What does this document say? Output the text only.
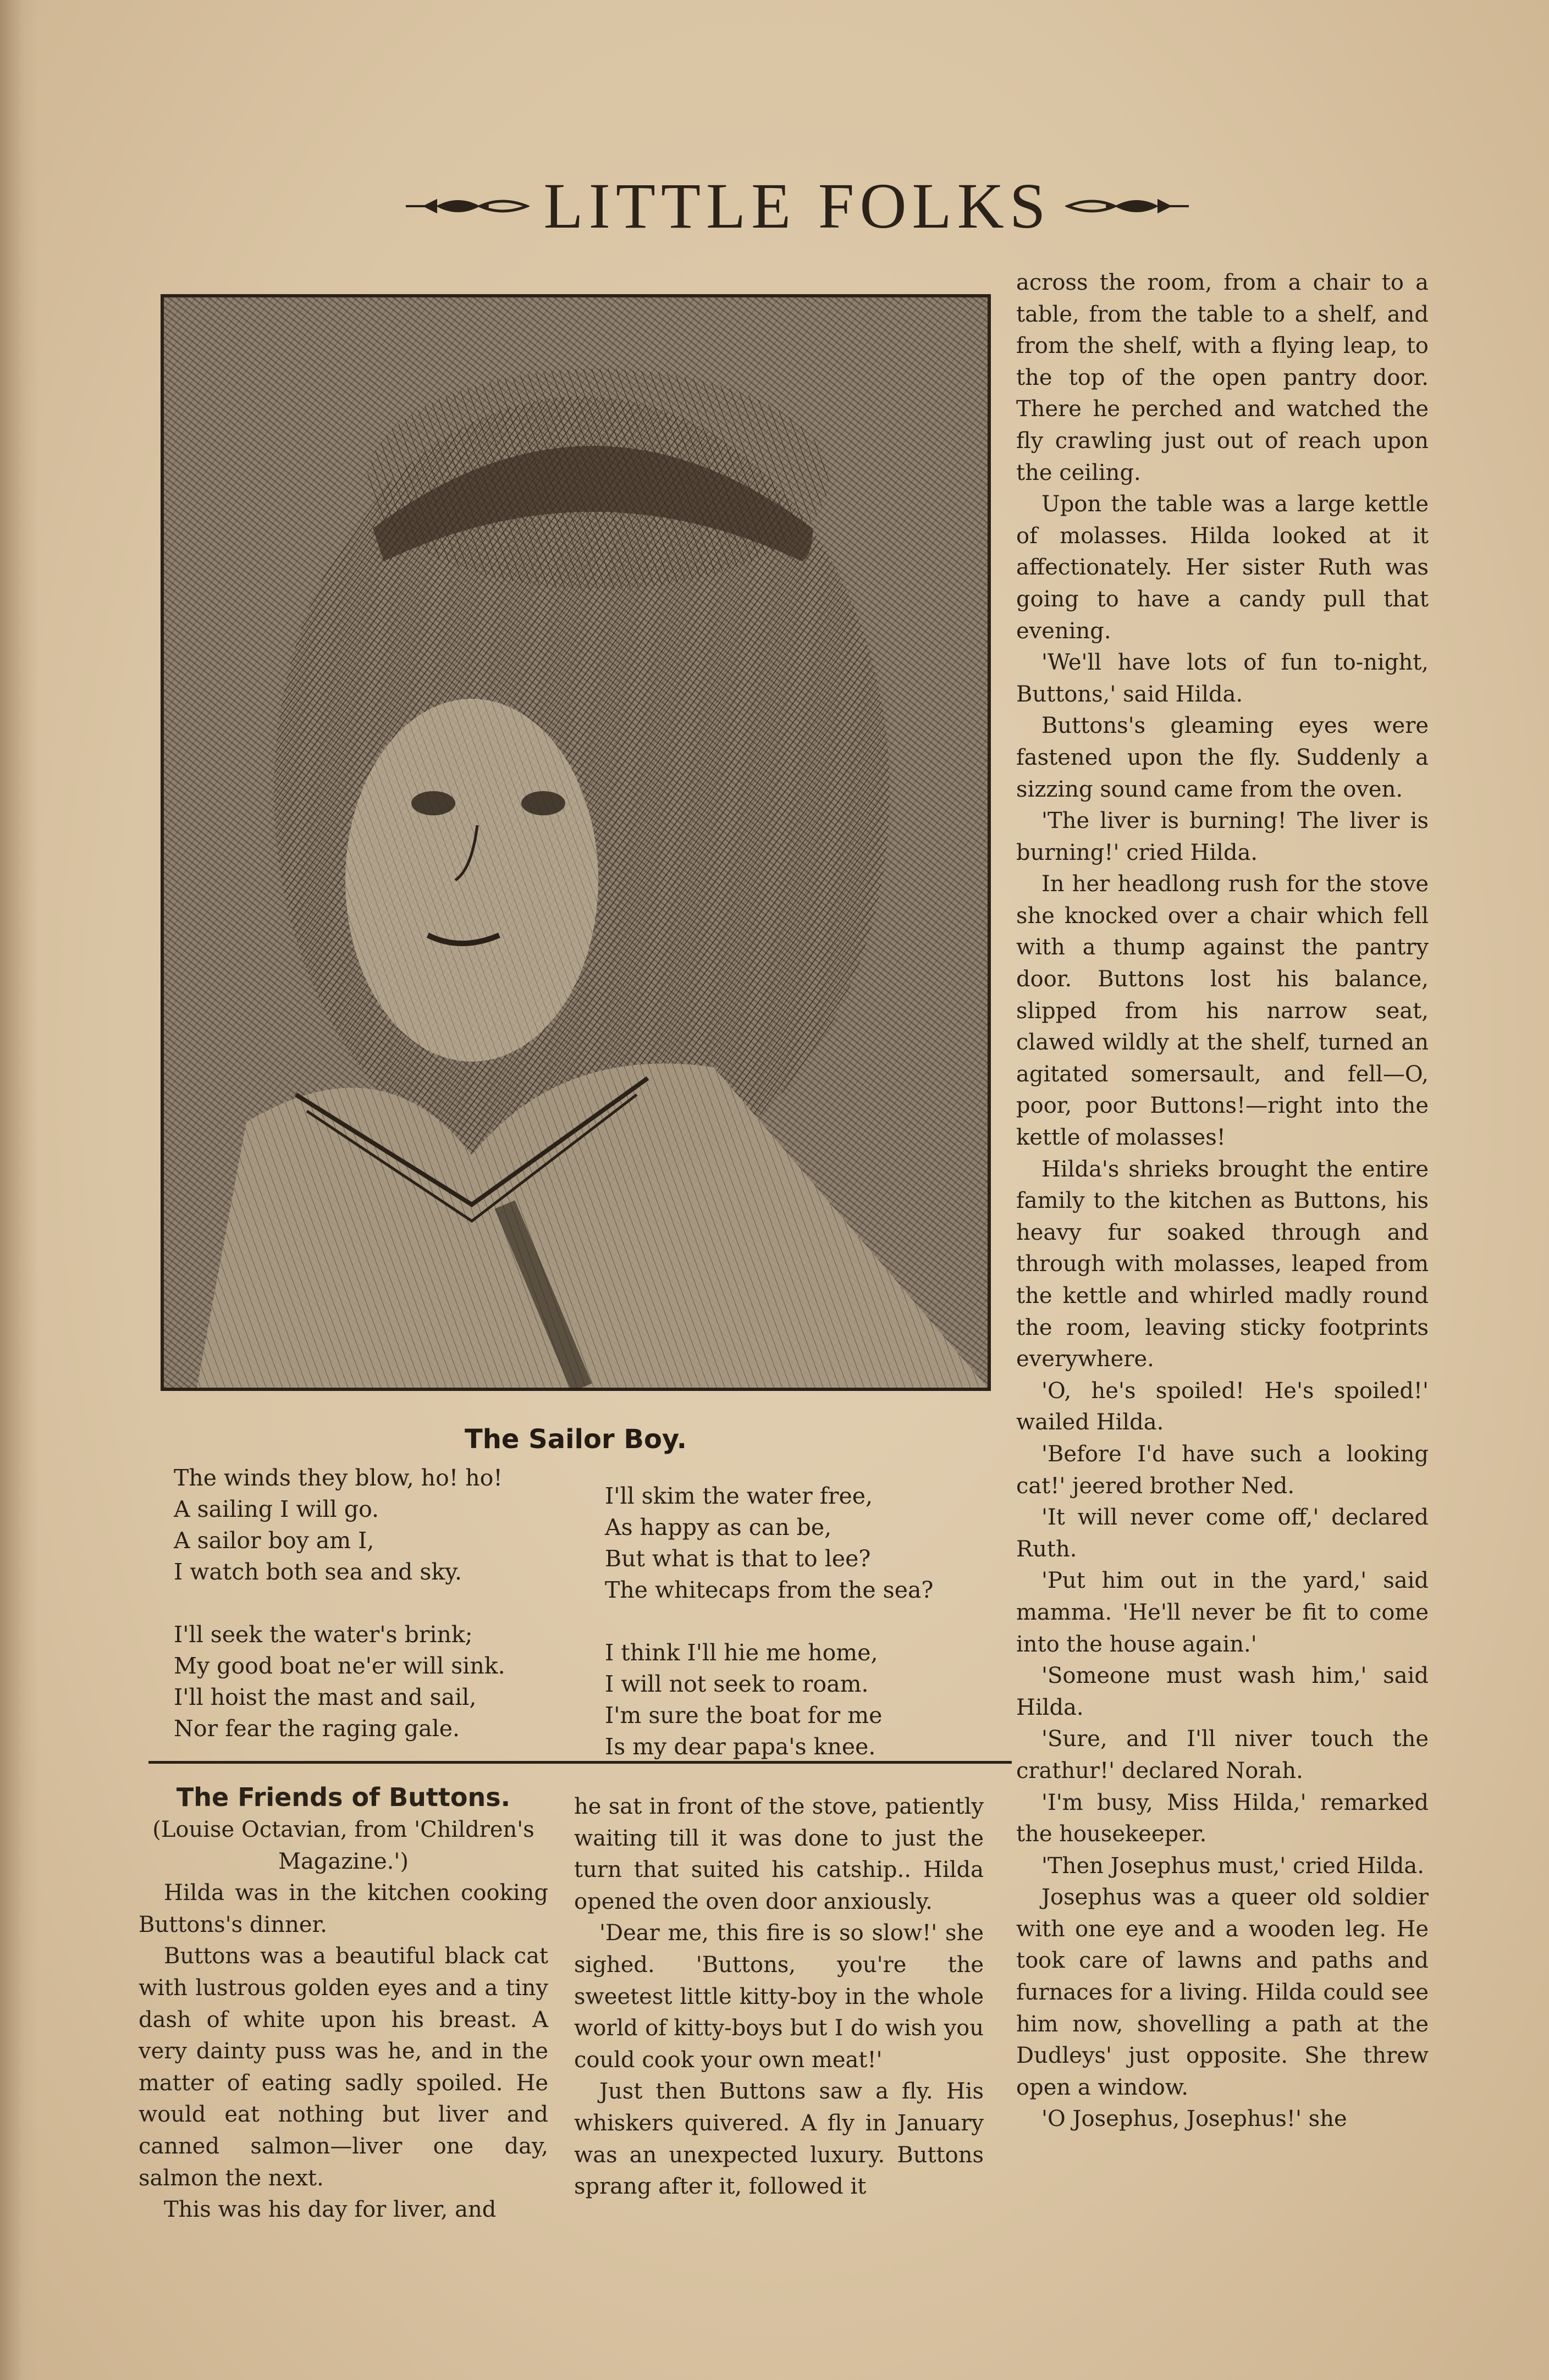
LITTLE FOLKS
The Sailor Boy.
The winds they blow, ho! ho!
A sailing I will go.
A sailor boy am I,
I watch both sea and sky.
I'll seek the water's brink;
My good boat ne'er will sink.
I'll hoist the mast and sail,
Nor fear the raging gale.
I'll skim the water free,
As happy as can be,
But what is that to lee?
The whitecaps from the sea?
I think I'll hie me home,
I will not seek to roam.
I'm sure the boat for me
Is my dear papa's knee.

The Friends of Buttons.

(Louise Octavian, from 'Children's Magazine.')

Hilda was in the kitchen cooking Buttons's dinner.

Buttons was a beautiful black cat with lustrous golden eyes and a tiny dash of white upon his breast. A very dainty puss was he, and in the matter of eating sadly spoiled. He would eat nothing but liver and canned salmon—liver one day, salmon the next.

This was his day for liver, and

he sat in front of the stove, patiently waiting till it was done to just the turn that suited his catship.. Hilda opened the oven door anxiously.

'Dear me, this fire is so slow!' she sighed. 'Buttons, you're the sweetest little kitty-boy in the whole world of kitty-boys but I do wish you could cook your own meat!'

Just then Buttons saw a fly. His whiskers quivered. A fly in January was an unexpected luxury. Buttons sprang after it, followed it

across the room, from a chair to a table, from the table to a shelf, and from the shelf, with a flying leap, to the top of the open pantry door. There he perched and watched the fly crawling just out of reach upon the ceiling.

Upon the table was a large kettle of molasses. Hilda looked at it affectionately. Her sister Ruth was going to have a candy pull that evening.

'We'll have lots of fun to-night, Buttons,' said Hilda.

Buttons's gleaming eyes were fastened upon the fly. Suddenly a sizzing sound came from the oven.

'The liver is burning! The liver is burning!' cried Hilda.

In her headlong rush for the stove she knocked over a chair which fell with a thump against the pantry door. Buttons lost his balance, slipped from his narrow seat, clawed wildly at the shelf, turned an agitated somersault, and fell—O, poor, poor Buttons!—right into the kettle of molasses!

Hilda's shrieks brought the entire family to the kitchen as Buttons, his heavy fur soaked through and through with molasses, leaped from the kettle and whirled madly round the room, leaving sticky footprints everywhere.

'O, he's spoiled! He's spoiled!' wailed Hilda.

'Before I'd have such a looking cat!' jeered brother Ned.

'It will never come off,' declared Ruth.

'Put him out in the yard,' said mamma. 'He'll never be fit to come into the house again.'

'Someone must wash him,' said Hilda.

'Sure, and I'll niver touch the crathur!' declared Norah.

'I'm busy, Miss Hilda,' remarked the housekeeper.

'Then Josephus must,' cried Hilda.

Josephus was a queer old soldier with one eye and a wooden leg. He took care of lawns and paths and furnaces for a living. Hilda could see him now, shovelling a path at the Dudleys' just opposite. She threw open a window.

'O Josephus, Josephus!' she
